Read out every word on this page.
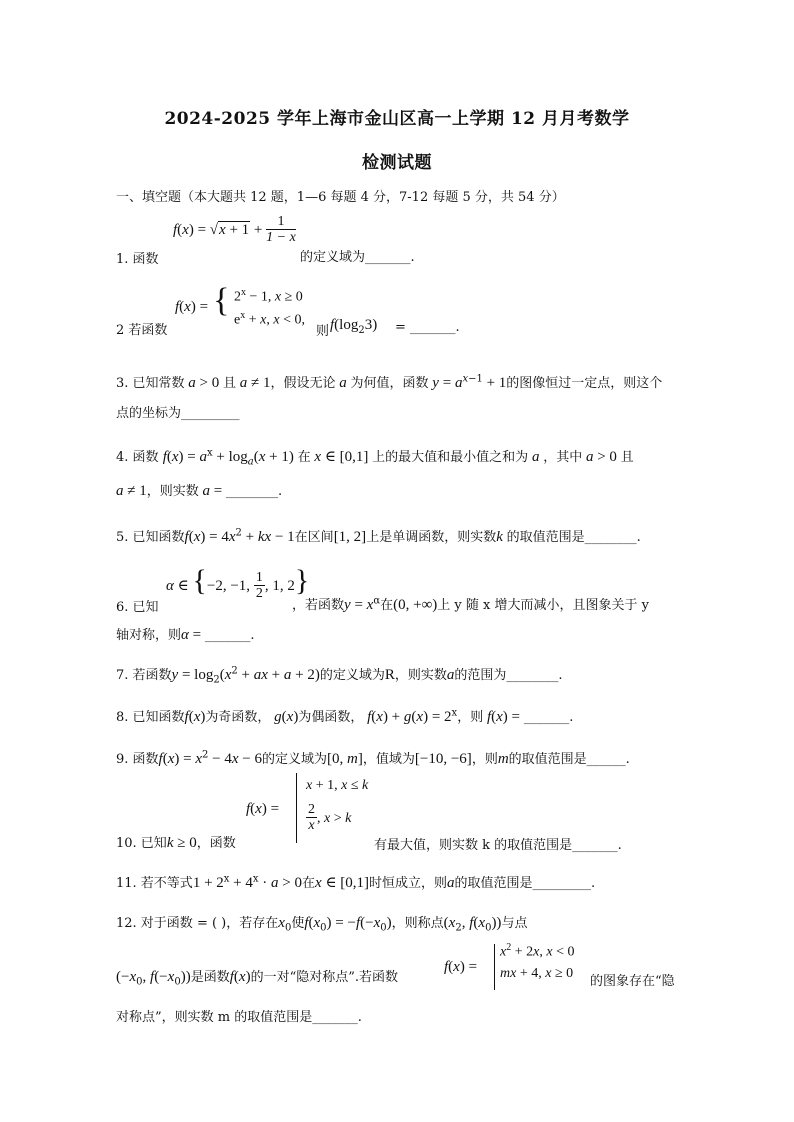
2024-2025 学年上海市金山区高一上学期 12 月月考数学
检测试题
一、填空题（本大题共 12 题，1—6 每题 4 分，7-12 每题 5 分，共 54 分）
$f(x) = √x + 1 + \frac{1}{1 - x}$
1. 函数	的定义域为_______.
f(x) = { $2^x - 1$, x ≥ 0
$e^x + x$, x < 0,
2 若函数	则 $f(\log_23)$ = _______.
3. 已知常数 a > 0 且 a ≠ 1，假设无论 a 为何值，函数 $y = a^{x-1} + 1$的图像恒过一定点，则这个
点的坐标为_________
4. 函数 $f(x) = a^x + \log_a(x + 1)$ 在 x ∈ [0,1] 上的最大值和最小值之和为 a ，其中 a > 0 且
a ≠ 1，则实数 a = ________.
5. 已知函数$f(x) = 4x^2$ + kx − 1在区间[1, 2]上是单调函数，则实数k 的取值范围是________.
α ∈ {−2, −1, $\frac{1}{2}$ , 1, 2}
6. 已知	，若函数$y = x^\alpha$在(0, +∞)上 y 随 x 增大而减小，且图象关于 y
轴对称，则α = _______.
7. 若函数$y = \log_2(x^2$ + ax + a + 2)的定义域为R，则实数a的范围为________.
8. 已知函数f(x)为奇函数， g(x)为偶函数， $f(x) + g(x) = 2^x$，则 f(x) = _______.
9. 函数$f(x) = x^2 - 4x - 6$的定义域为[0, m]，值域为[−10, −6]，则m的取值范围是______.
f(x) =
x + 1, x ≤ k
$\frac{2}{x}$ , x > k
10. 已知k ≥ 0，函数	有最大值，则实数 k 的取值范围是_______.
11. 若不等式$1 + 2^x + 4^x \cdot a > 0$在x ∈ [0,1]时恒成立，则a的取值范围是_________.
12. 对于函数 = ( )，若存在$x_0$使$f(x_0) = -f(-x_0)$，则称点($x_2$, $f(x_0)$)与点
($-x_0$, $f(-x_0)$)是函数f(x)的一对“隐对称点”.若函数
f(x) =
$x^2 + 2x$, x < 0
mx + 4, x ≥ 0
的图象存在“隐
对称点”，则实数 m 的取值范围是_______.
